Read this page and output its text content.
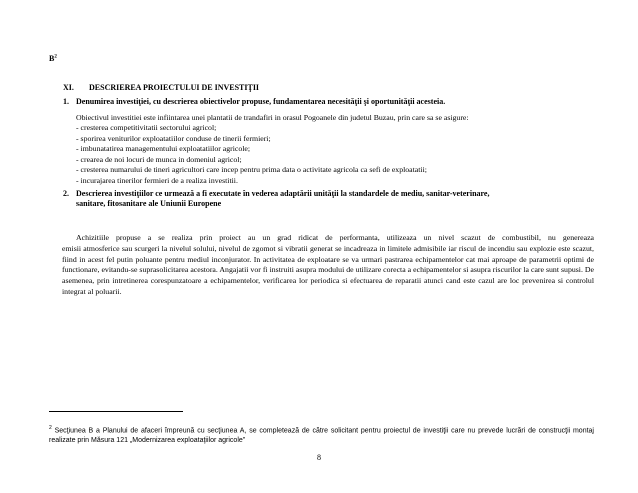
$B^2$
XI. DESCRIEREA PROIECTULUI DE INVESTIŢII
1. Denumirea investiţiei, cu descrierea obiectivelor propuse, fundamentarea necesităţii şi oportunităţii acesteia.
Obiectivul investitiei este infiintarea unei plantatii de trandafiri in orasul Pogoanele din judetul Buzau, prin care sa se asigure:
- cresterea competitivitatii sectorului agricol;
- sporirea veniturilor exploatatiilor conduse de tinerii fermieri;
- imbunatatirea managementului exploatatiilor agricole;
- crearea de noi locuri de munca in domeniul agricol;
- cresterea numarului de tineri agricultori care incep pentru prima data o activitate agricola ca sefi de exploatatii;
- incurajarea tinerilor fermieri de a realiza investitii.
2. Descrierea investiţiilor ce urmează a fi executate în vederea adaptării unităţii la standardele de mediu, sanitar-veterinare,
sanitare, fitosanitare ale Uniunii Europene
Achizitiile propuse a se realiza prin proiect au un grad ridicat de performanta, utilizeaza un nivel scazut de combustibil, nu genereaza
emisii atmosferice sau scurgeri la nivelul solului, nivelul de zgomot si vibratii generat se incadreaza in limitele admisibile iar riscul de incendiu sau explozie este scazut, fiind in acest fel putin poluante pentru mediul inconjurator. In activitatea de exploatare se va urmari pastrarea echipamentelor cat mai aproape de parametrii optimi de functionare, evitandu-se suprasolicitarea acestora. Angajatii vor fi instruiti asupra modului de utilizare corecta a echipamentelor si asupra riscurilor la care sunt supusi. De asemenea, prin intretinerea corespunzatoare a echipamentelor, verificarea lor periodica si efectuarea de reparatii atunci cand este cazul are loc prevenirea si controlul integrat al poluarii.
$^2$ Secţiunea B a Planului de afaceri împreună cu secţiunea A, se completează de către solicitant pentru proiectul de investiţii care nu prevede lucrări de construcţii montaj realizate prin Măsura 121 „Modernizarea exploataţiilor agricole”
8
